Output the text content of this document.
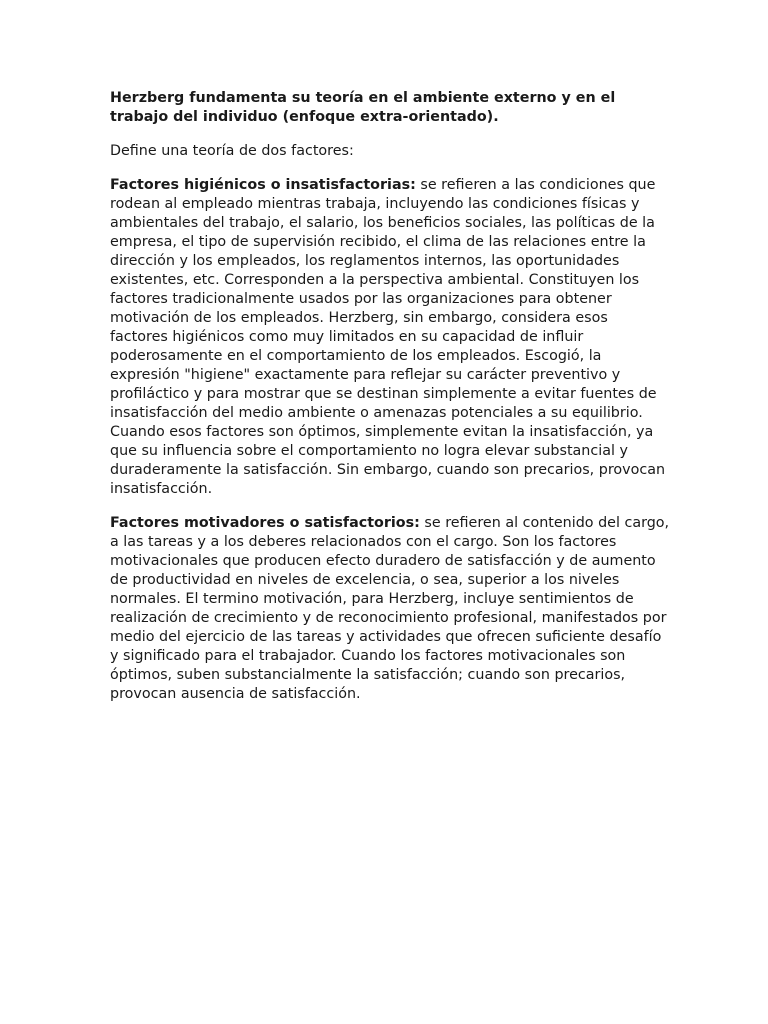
Herzberg fundamenta su teoría en el ambiente externo y en el trabajo del individuo (enfoque extra-orientado).

Define una teoría de dos factores:

Factores higiénicos o insatisfactorias: se refieren a las condiciones que rodean al empleado mientras trabaja, incluyendo las condiciones físicas y ambientales del trabajo, el salario, los beneficios sociales, las políticas de la empresa, el tipo de supervisión recibido, el clima de las relaciones entre la dirección y los empleados, los reglamentos internos, las oportunidades existentes, etc. Corresponden a la perspectiva ambiental. Constituyen los factores tradicionalmente usados por las organizaciones para obtener motivación de los empleados. Herzberg, sin embargo, considera esos factores higiénicos como muy limitados en su capacidad de influir poderosamente en el comportamiento de los empleados. Escogió, la expresión "higiene" exactamente para reflejar su carácter preventivo y profiláctico y para mostrar que se destinan simplemente a evitar fuentes de insatisfacción del medio ambiente o amenazas potenciales a su equilibrio. Cuando esos factores son óptimos, simplemente evitan la insatisfacción, ya que su influencia sobre el comportamiento no logra elevar substancial y duraderamente la satisfacción. Sin embargo, cuando son precarios, provocan insatisfacción.

Factores motivadores o satisfactorios: se refieren al contenido del cargo, a las tareas y a los deberes relacionados con el cargo. Son los factores motivacionales que producen efecto duradero de satisfacción y de aumento de productividad en niveles de excelencia, o sea, superior a los niveles normales. El termino motivación, para Herzberg, incluye sentimientos de realización de crecimiento y de reconocimiento profesional, manifestados por medio del ejercicio de las tareas y actividades que ofrecen suficiente desafío y significado para el trabajador. Cuando los factores motivacionales son óptimos, suben substancialmente la satisfacción; cuando son precarios, provocan ausencia de satisfacción.
